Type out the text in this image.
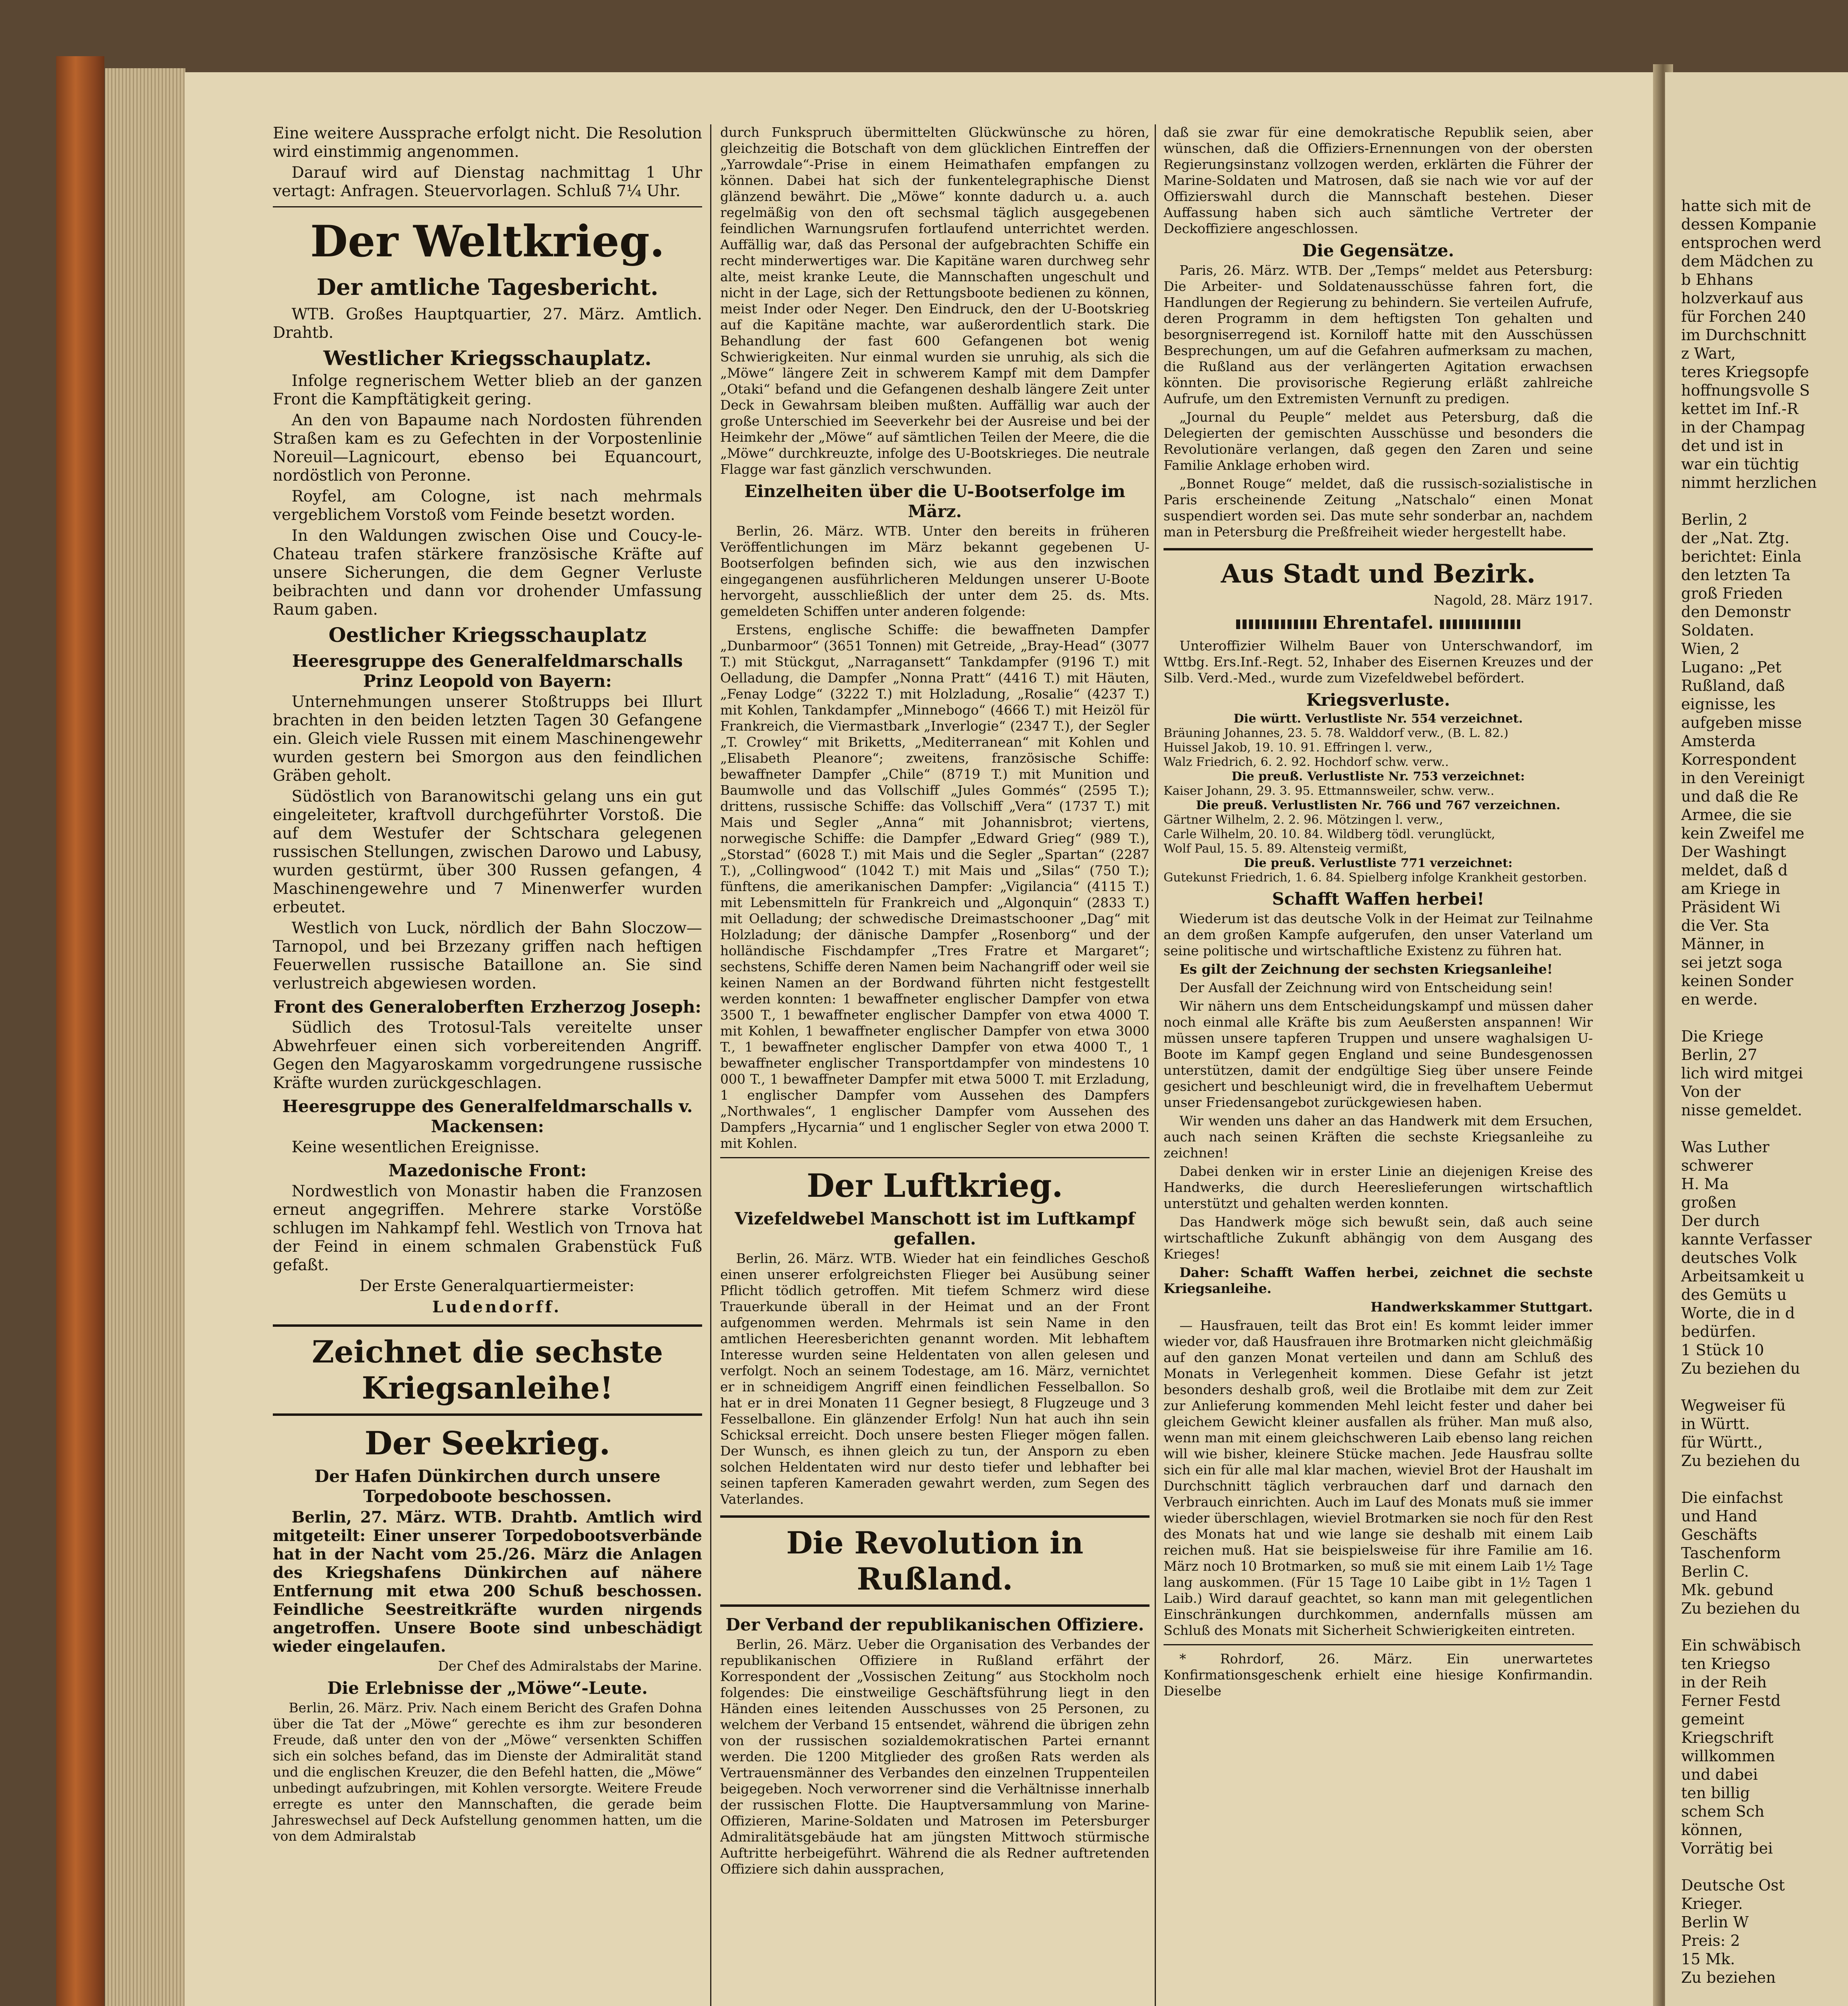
hatte sich mit de
dessen Kompanie
entsprochen werd
dem Mädchen zu
b Ehhans
holzverkauf aus
für Forchen 240
im Durchschnitt
z Wart,
teres Kriegsopfe
hoffnungsvolle S
kettet im Inf.-R
in der Champag
det und ist in
war ein tüchtig
nimmt herzlichen
Berlin, 2
der „Nat. Ztg.
berichtet: Einla
den letzten Ta
groß Frieden
den Demonstr
Soldaten.
Wien, 2
Lugano: „Pet
Rußland, daß
eignisse, les
aufgeben misse
Amsterda
Korrespondent
in den Vereinigt
und daß die Re
Armee, die sie
kein Zweifel me
Der Washingt
meldet, daß d
am Kriege in
Präsident Wi
die Ver. Sta
Männer, in
sei jetzt soga
keinen Sonder
en werde.
Die Kriege
Berlin, 27
lich wird mitgei
Von der
nisse gemeldet.
Was Luther
schwerer
H. Ma
großen
Der durch
kannte Verfasser
deutsches Volk
Arbeitsamkeit u
des Gemüts u
Worte, die in d
bedürfen.
1 Stück 10
Zu beziehen du
Wegweiser fü
in Württ.
für Württ.,
Zu beziehen du
Die einfachst
und Hand
Geschäfts
Taschenform
Berlin C.
Mk. gebund
Zu beziehen du
Ein schwäbisch
ten Kriegso
in der Reih
Ferner Festd
gemeint
Kriegschrift
willkommen
und dabei
ten billig
schem Sch
können,
Vorrätig bei
Deutsche Ost
Krieger.
Berlin W
Preis: 2
15 Mk.
Zu beziehen

Eine weitere Aussprache erfolgt nicht. Die Resolution wird einstimmig angenommen.

Darauf wird auf Dienstag nachmittag 1 Uhr vertagt: Anfragen. Steuervorlagen. Schluß 7¼ Uhr.

Der Weltkrieg.
Der amtliche Tagesbericht.

WTB. Großes Hauptquartier, 27. März. Amtlich. Drahtb.

Westlicher Kriegsschauplatz.

Infolge regnerischem Wetter blieb an der ganzen Front die Kampftätigkeit gering.

An den von Bapaume nach Nordosten führenden Straßen kam es zu Gefechten in der Vorpostenlinie Noreuil—Lagnicourt, ebenso bei Equancourt, nordöstlich von Peronne.

Royfel, am Colognе, ist nach mehrmals vergeblichem Vorstoß vom Feinde besetzt worden.

In den Waldungen zwischen Oise und Coucy-le-Chateau trafen stärkere französische Kräfte auf unsere Sicherungen, die dem Gegner Verluste beibrachten und dann vor drohender Umfassung Raum gaben.

Oestlicher Kriegsschauplatz
Heeresgruppe des Generalfeldmarschalls Prinz Leopold von Bayern:

Unternehmungen unserer Stoßtrupps bei Illurt brachten in den beiden letzten Tagen 30 Gefangene ein. Gleich viele Russen mit einem Maschinengewehr wurden gestern bei Smorgon aus den feindlichen Gräben geholt.

Südöstlich von Baranowitschi gelang uns ein gut eingeleiteter, kraftvoll durchgeführter Vorstoß. Die auf dem Westufer der Schtschara gelegenen russischen Stellungen, zwischen Darowo und Labusy, wurden gestürmt, über 300 Russen gefangen, 4 Maschinengewehre und 7 Minenwerfer wurden erbeutet.

Westlich von Luck, nördlich der Bahn Sloczow—Tarnopol, und bei Brzezany griffen nach heftigen Feuerwellen russische Bataillone an. Sie sind verlustreich abgewiesen worden.

Front des Generaloberften Erzherzog Joseph:

Südlich des Trotosul-Tals vereitelte unser Abwehrfeuer einen sich vorbereitenden Angriff. Gegen den Magyaroskamm vorgedrungene russische Kräfte wurden zurückgeschlagen.

Heeresgruppe des Generalfeldmarschalls v. Mackensen:

Keine wesentlichen Ereignisse.

Mazedonische Front:

Nordwestlich von Monastir haben die Franzosen erneut angegriffen. Mehrere starke Vorstöße schlugen im Nahkampf fehl. Westlich von Trnova hat der Feind in einem schmalen Grabenstück Fuß gefaßt.

Der Erste Generalquartiermeister:

Ludendorff.

Zeichnet die sechste Kriegsanleihe!
Der Seekrieg.
Der Hafen Dünkirchen durch unsere Torpedoboote beschossen.

Berlin, 27. März. WTB. Drahtb. Amtlich wird mitgeteilt: Einer unserer Torpedobootsverbände hat in der Nacht vom 25./26. März die Anlagen des Kriegshafens Dünkirchen auf nähere Entfernung mit etwa 200 Schuß beschossen. Feindliche Seestreitkräfte wurden nirgends angetroffen. Unsere Boote sind unbeschädigt wieder eingelaufen.

Der Chef des Admiralstabs der Marine.

Die Erlebnisse der „Möwe“-Leute.

Berlin, 26. März. Priv. Nach einem Bericht des Grafen Dohna über die Tat der „Möwe“ gerechte es ihm zur besonderen Freude, daß unter den von der „Möwe“ versenkten Schiffen sich ein solches befand, das im Dienste der Admiralität stand und die englischen Kreuzer, die den Befehl hatten, die „Möwe“ unbedingt aufzubringen, mit Kohlen versorgte. Weitere Freude erregte es unter den Mannschaften, die gerade beim Jahreswechsel auf Deck Aufstellung genommen hatten, um die von dem Admiralstab

durch Funkspruch übermittelten Glückwünsche zu hören, gleichzeitig die Botschaft von dem glücklichen Eintreffen der „Yarrowdale“-Prise in einem Heimathafen empfangen zu können. Dabei hat sich der funkentelegraphische Dienst glänzend bewährt. Die „Möwe“ konnte dadurch u. a. auch regelmäßig von den oft sechsmal täglich ausgegebenen feindlichen Warnungsrufen fortlaufend unterrichtet werden. Auffällig war, daß das Personal der aufgebrachten Schiffe ein recht minderwertiges war. Die Kapitäne waren durchweg sehr alte, meist kranke Leute, die Mannschaften ungeschult und nicht in der Lage, sich der Rettungsboote bedienen zu können, meist Inder oder Neger. Den Eindruck, den der U-Bootskrieg auf die Kapitäne machte, war außerordentlich stark. Die Behandlung der fast 600 Gefangenen bot wenig Schwierigkeiten. Nur einmal wurden sie unruhig, als sich die „Möwe“ längere Zeit in schwerem Kampf mit dem Dampfer „Otaki“ befand und die Gefangenen deshalb längere Zeit unter Deck in Gewahrsam bleiben mußten. Auffällig war auch der große Unterschied im Seeverkehr bei der Ausreise und bei der Heimkehr der „Möwe“ auf sämtlichen Teilen der Meere, die die „Möwe“ durchkreuzte, infolge des U-Bootskrieges. Die neutrale Flagge war fast gänzlich verschwunden.

Einzelheiten über die U-Bootserfolge im März.

Berlin, 26. März. WTB. Unter den bereits in früheren Veröffentlichungen im März bekannt gegebenen U-Bootserfolgen befinden sich, wie aus den inzwischen eingegangenen ausführlicheren Meldungen unserer U-Boote hervorgeht, ausschließlich der unter dem 25. ds. Mts. gemeldeten Schiffen unter anderen folgende:

Erstens, englische Schiffe: die bewaffneten Dampfer „Dunbarmoor“ (3651 Tonnen) mit Getreide, „Bray-Head“ (3077 T.) mit Stückgut, „Narragansett“ Tankdampfer (9196 T.) mit Oelladung, die Dampfer „Nonna Pratt“ (4416 T.) mit Häuten, „Fenay Lodge“ (3222 T.) mit Holzladung, „Rosalie“ (4237 T.) mit Kohlen, Tankdampfer „Minnebogo“ (4666 T.) mit Heizöl für Frankreich, die Viermastbark „Inverlogie“ (2347 T.), der Segler „T. Crowley“ mit Briketts, „Mediterranean“ mit Kohlen und „Elisabeth Pleanore“; zweitens, französische Schiffe: bewaffneter Dampfer „Chile“ (8719 T.) mit Munition und Baumwolle und das Vollschiff „Jules Gommés“ (2595 T.); drittens, russische Schiffe: das Vollschiff „Vera“ (1737 T.) mit Mais und Segler „Anna“ mit Johannisbrot; viertens, norwegische Schiffe: die Dampfer „Edward Grieg“ (989 T.), „Storstad“ (6028 T.) mit Mais und die Segler „Spartan“ (2287 T.), „Collingwood“ (1042 T.) mit Mais und „Silas“ (750 T.); fünftens, die amerikanischen Dampfer: „Vigilancia“ (4115 T.) mit Lebensmitteln für Frankreich und „Algonquin“ (2833 T.) mit Oelladung; der schwedische Dreimastschooner „Dag“ mit Holzladung; der dänische Dampfer „Rosenborg“ und der holländische Fischdampfer „Tres Fratre et Margaret“; sechstens, Schiffe deren Namen beim Nachangriff oder weil sie keinen Namen an der Bordwand führten nicht festgestellt werden konnten: 1 bewaffneter englischer Dampfer von etwa 3500 T., 1 bewaffneter englischer Dampfer von etwa 4000 T. mit Kohlen, 1 bewaffneter englischer Dampfer von etwa 3000 T., 1 bewaffneter englischer Dampfer von etwa 4000 T., 1 bewaffneter englischer Transportdampfer von mindestens 10 000 T., 1 bewaffneter Dampfer mit etwa 5000 T. mit Erzladung, 1 englischer Dampfer vom Aussehen des Dampfers „Northwales“, 1 englischer Dampfer vom Aussehen des Dampfers „Hycarnia“ und 1 englischer Segler von etwa 2000 T. mit Kohlen.

Der Luftkrieg.
Vizefeldwebel Manschott ist im Luftkampf gefallen.

Berlin, 26. März. WTB. Wieder hat ein feindliches Geschoß einen unserer erfolgreichsten Flieger bei Ausübung seiner Pflicht tödlich getroffen. Mit tiefem Schmerz wird diese Trauerkunde überall in der Heimat und an der Front aufgenommen werden. Mehrmals ist sein Name in den amtlichen Heeresberichten genannt worden. Mit lebhaftem Interesse wurden seine Heldentaten von allen gelesen und verfolgt. Noch an seinem Todestage, am 16. März, vernichtet er in schneidigem Angriff einen feindlichen Fesselballon. So hat er in drei Monaten 11 Gegner besiegt, 8 Flugzeuge und 3 Fesselballone. Ein glänzender Erfolg! Nun hat auch ihn sein Schicksal erreicht. Doch unsere besten Flieger mögen fallen. Der Wunsch, es ihnen gleich zu tun, der Ansporn zu eben solchen Heldentaten wird nur desto tiefer und lebhafter bei seinen tapferen Kameraden gewahrt werden, zum Segen des Vaterlandes.

Die Revolution in Rußland.
Der Verband der republikanischen Offiziere.

Berlin, 26. März. Ueber die Organisation des Verbandes der republikanischen Offiziere in Rußland erfährt der Korrespondent der „Vossischen Zeitung“ aus Stockholm noch folgendes: Die einstweilige Geschäftsführung liegt in den Händen eines leitenden Ausschusses von 25 Personen, zu welchem der Verband 15 entsendet, während die übrigen zehn von der russischen sozialdemokratischen Partei ernannt werden. Die 1200 Mitglieder des großen Rats werden als Vertrauensmänner des Verbandes den einzelnen Truppenteilen beigegeben. Noch verworrener sind die Verhältnisse innerhalb der russischen Flotte. Die Hauptversammlung von Marine-Offizieren, Marine-Soldaten und Matrosen im Petersburger Admiralitätsgebäude hat am jüngsten Mittwoch stürmische Auftritte herbeigeführt. Während die als Redner auftretenden Offiziere sich dahin aussprachen,

daß sie zwar für eine demokratische Republik seien, aber wünschen, daß die Offiziers-Ernennungen von der obersten Regierungsinstanz vollzogen werden, erklärten die Führer der Marine-Soldaten und Matrosen, daß sie nach wie vor auf der Offizierswahl durch die Mannschaft bestehen. Dieser Auffassung haben sich auch sämtliche Vertreter der Deckoffiziere angeschlossen.

Die Gegensätze.

Paris, 26. März. WTB. Der „Temps“ meldet aus Petersburg: Die Arbeiter- und Soldatenausschüsse fahren fort, die Handlungen der Regierung zu behindern. Sie verteilen Aufrufe, deren Programm in dem heftigsten Ton gehalten und besorgniserregend ist. Korniloff hatte mit den Ausschüssen Besprechungen, um auf die Gefahren aufmerksam zu machen, die Rußland aus der verlängerten Agitation erwachsen könnten. Die provisorische Regierung erläßt zahlreiche Aufrufe, um den Extremisten Vernunft zu predigen.

„Journal du Peuple“ meldet aus Petersburg, daß die Delegierten der gemischten Ausschüsse und besonders die Revolutionäre verlangen, daß gegen den Zaren und seine Familie Anklage erhoben wird.

„Bonnet Rouge“ meldet, daß die russisch-sozialistische in Paris erscheinende Zeitung „Natschalo“ einen Monat suspendiert worden sei. Das mute sehr sonderbar an, nachdem man in Petersburg die Preßfreiheit wieder hergestellt habe.

Aus Stadt und Bezirk.

Nagold, 28. März 1917.

Ehrentafel.

Unteroffizier Wilhelm Bauer von Unterschwandorf, im Wttbg. Ers.Inf.-Regt. 52, Inhaber des Eisernen Kreuzes und der Silb. Verd.-Med., wurde zum Vizefeldwebel befördert.

Kriegsverluste.
Die württ. Verlustliste Nr. 554 verzeichnet.
Bräuning Johannes, 23. 5. 78. Walddorf verw., (B. L. 82.)
Huissel Jakob, 19. 10. 91. Effringen l. verw.,
Walz Friedrich, 6. 2. 92. Hochdorf schw. verw..
Die preuß. Verlustliste Nr. 753 verzeichnet:
Kaiser Johann, 29. 3. 95. Ettmannsweiler, schw. verw..
Die preuß. Verlustlisten Nr. 766 und 767 verzeichnen.
Gärtner Wilhelm, 2. 2. 96. Mötzingen l. verw.,
Carle Wilhelm, 20. 10. 84. Wildberg tödl. verunglückt,
Wolf Paul, 15. 5. 89. Altensteig vermißt,
Die preuß. Verlustliste 771 verzeichnet:
Gutekunst Friedrich, 1. 6. 84. Spielberg infolge Krankheit gestorben.
Schafft Waffen herbei!

Wiederum ist das deutsche Volk in der Heimat zur Teilnahme an dem großen Kampfe aufgerufen, den unser Vaterland um seine politische und wirtschaftliche Existenz zu führen hat.

Es gilt der Zeichnung der sechsten Kriegsanleihe!

Der Ausfall der Zeichnung wird von Entscheidung sein!

Wir nähern uns dem Entscheidungskampf und müssen daher noch einmal alle Kräfte bis zum Aeußersten anspannen! Wir müssen unsere tapferen Truppen und unsere waghalsigen U-Boote im Kampf gegen England und seine Bundesgenossen unterstützen, damit der endgültige Sieg über unsere Feinde gesichert und beschleunigt wird, die in frevelhaftem Uebermut unser Friedensangebot zurückgewiesen haben.

Wir wenden uns daher an das Handwerk mit dem Ersuchen, auch nach seinen Kräften die sechste Kriegsanleihe zu zeichnen!

Dabei denken wir in erster Linie an diejenigen Kreise des Handwerks, die durch Heereslieferungen wirtschaftlich unterstützt und gehalten werden konnten.

Das Handwerk möge sich bewußt sein, daß auch seine wirtschaftliche Zukunft abhängig von dem Ausgang des Krieges!

Daher: Schafft Waffen herbei, zeichnet die sechste Kriegsanleihe.

Handwerkskammer Stuttgart.

— Hausfrauen, teilt das Brot ein! Es kommt leider immer wieder vor, daß Hausfrauen ihre Brotmarken nicht gleichmäßig auf den ganzen Monat verteilen und dann am Schluß des Monats in Verlegenheit kommen. Diese Gefahr ist jetzt besonders deshalb groß, weil die Brotlaibe mit dem zur Zeit zur Anlieferung kommenden Mehl leicht fester und daher bei gleichem Gewicht kleiner ausfallen als früher. Man muß also, wenn man mit einem gleichschweren Laib ebenso lang reichen will wie bisher, kleinere Stücke machen. Jede Hausfrau sollte sich ein für alle mal klar machen, wieviel Brot der Haushalt im Durchschnitt täglich verbrauchen darf und darnach den Verbrauch einrichten. Auch im Lauf des Monats muß sie immer wieder überschlagen, wieviel Brotmarken sie noch für den Rest des Monats hat und wie lange sie deshalb mit einem Laib reichen muß. Hat sie beispielsweise für ihre Familie am 16. März noch 10 Brotmarken, so muß sie mit einem Laib 1½ Tage lang auskommen. (Für 15 Tage 10 Laibe gibt in 1½ Tagen 1 Laib.) Wird darauf geachtet, so kann man mit gelegentlichen Einschränkungen durchkommen, andernfalls müssen am Schluß des Monats mit Sicherheit Schwierigkeiten eintreten.

* Rohrdorf, 26. März. Ein unerwartetes Konfirmationsgeschenk erhielt eine hiesige Konfirmandin. Dieselbe
